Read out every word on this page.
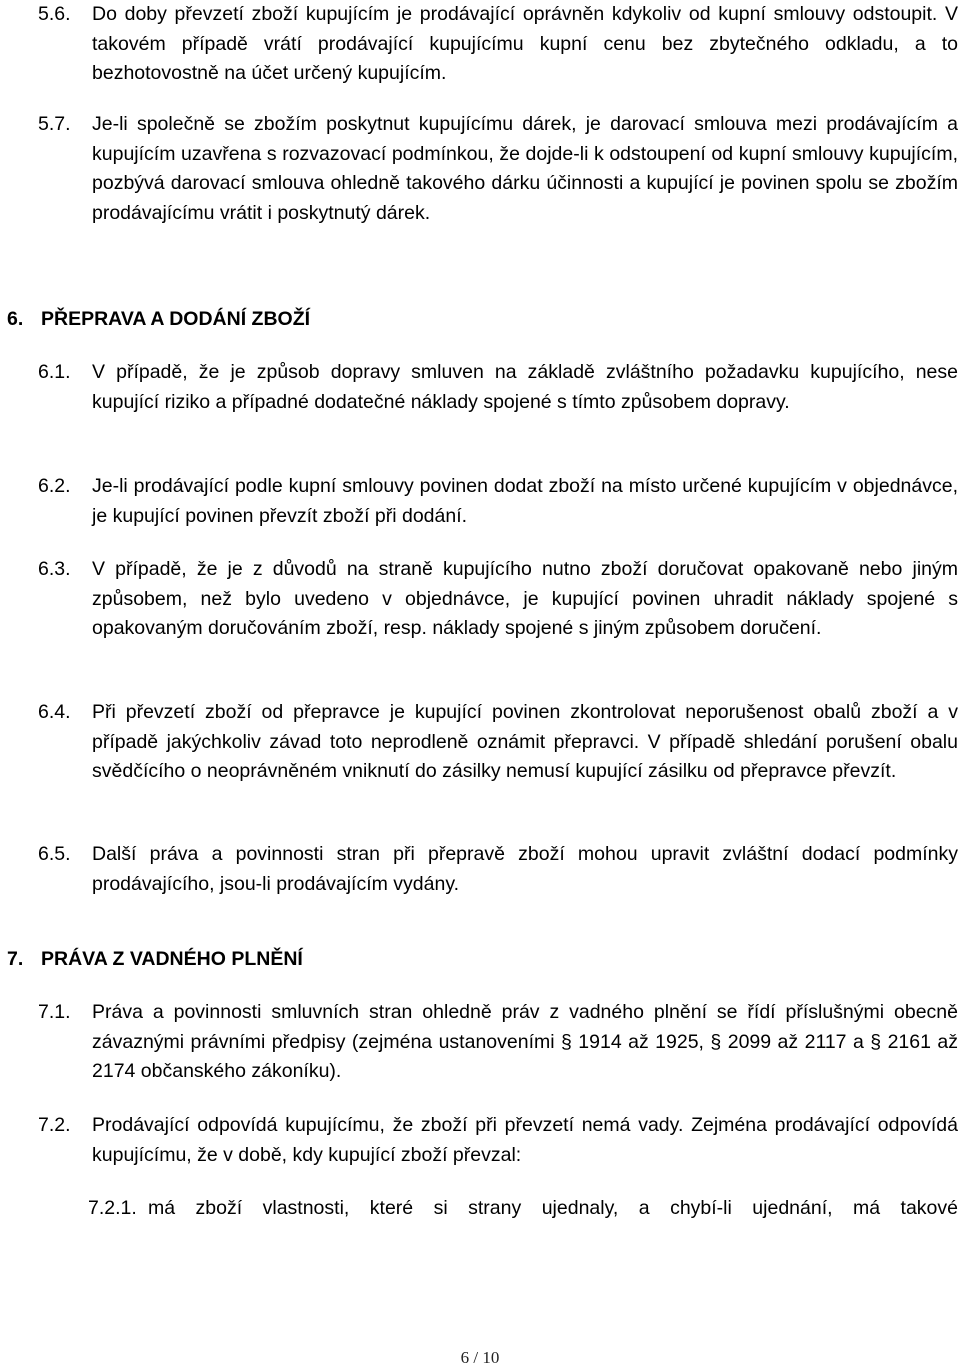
5.6. Do doby převzetí zboží kupujícím je prodávající oprávněn kdykoliv od kupní smlouvy odstoupit. V takovém případě vrátí prodávající kupujícímu kupní cenu bez zbytečného odkladu, a to bezhotovostně na účet určený kupujícím.
5.7. Je-li společně se zbožím poskytnut kupujícímu dárek, je darovací smlouva mezi prodávajícím a kupujícím uzavřena s rozvazovací podmínkou, že dojde-li k odstoupení od kupní smlouvy kupujícím, pozbývá darovací smlouva ohledně takového dárku účinnosti a kupující je povinen spolu se zbožím prodávajícímu vrátit i poskytnutý dárek.
6. PŘEPRAVA A DODÁNÍ ZBOŽÍ
6.1. V případě, že je způsob dopravy smluven na základě zvláštního požadavku kupujícího, nese kupující riziko a případné dodatečné náklady spojené s tímto způsobem dopravy.
6.2. Je-li prodávající podle kupní smlouvy povinen dodat zboží na místo určené kupujícím v objednávce, je kupující povinen převzít zboží při dodání.
6.3. V případě, že je z důvodů na straně kupujícího nutno zboží doručovat opakovaně nebo jiným způsobem, než bylo uvedeno v objednávce, je kupující povinen uhradit náklady spojené s opakovaným doručováním zboží, resp. náklady spojené s jiným způsobem doručení.
6.4. Při převzetí zboží od přepravce je kupující povinen zkontrolovat neporušenost obalů zboží a v případě jakýchkoliv závad toto neprodleně oznámit přepravci. V případě shledání porušení obalu svědčícího o neoprávněném vniknutí do zásilky nemusí kupující zásilku od přepravce převzít.
6.5. Další práva a povinnosti stran při přepravě zboží mohou upravit zvláštní dodací podmínky prodávajícího, jsou-li prodávajícím vydány.
7. PRÁVA Z VADNÉHO PLNĚNÍ
7.1. Práva a povinnosti smluvních stran ohledně práv z vadného plnění se řídí příslušnými obecně závaznými právními předpisy (zejména ustanoveními § 1914 až 1925, § 2099 až 2117 a § 2161 až 2174 občanského zákoníku).
7.2. Prodávající odpovídá kupujícímu, že zboží při převzetí nemá vady. Zejména prodávající odpovídá kupujícímu, že v době, kdy kupující zboží převzal:
7.2.1. má zboží vlastnosti, které si strany ujednaly, a chybí-li ujednání, má takové
6 / 10
